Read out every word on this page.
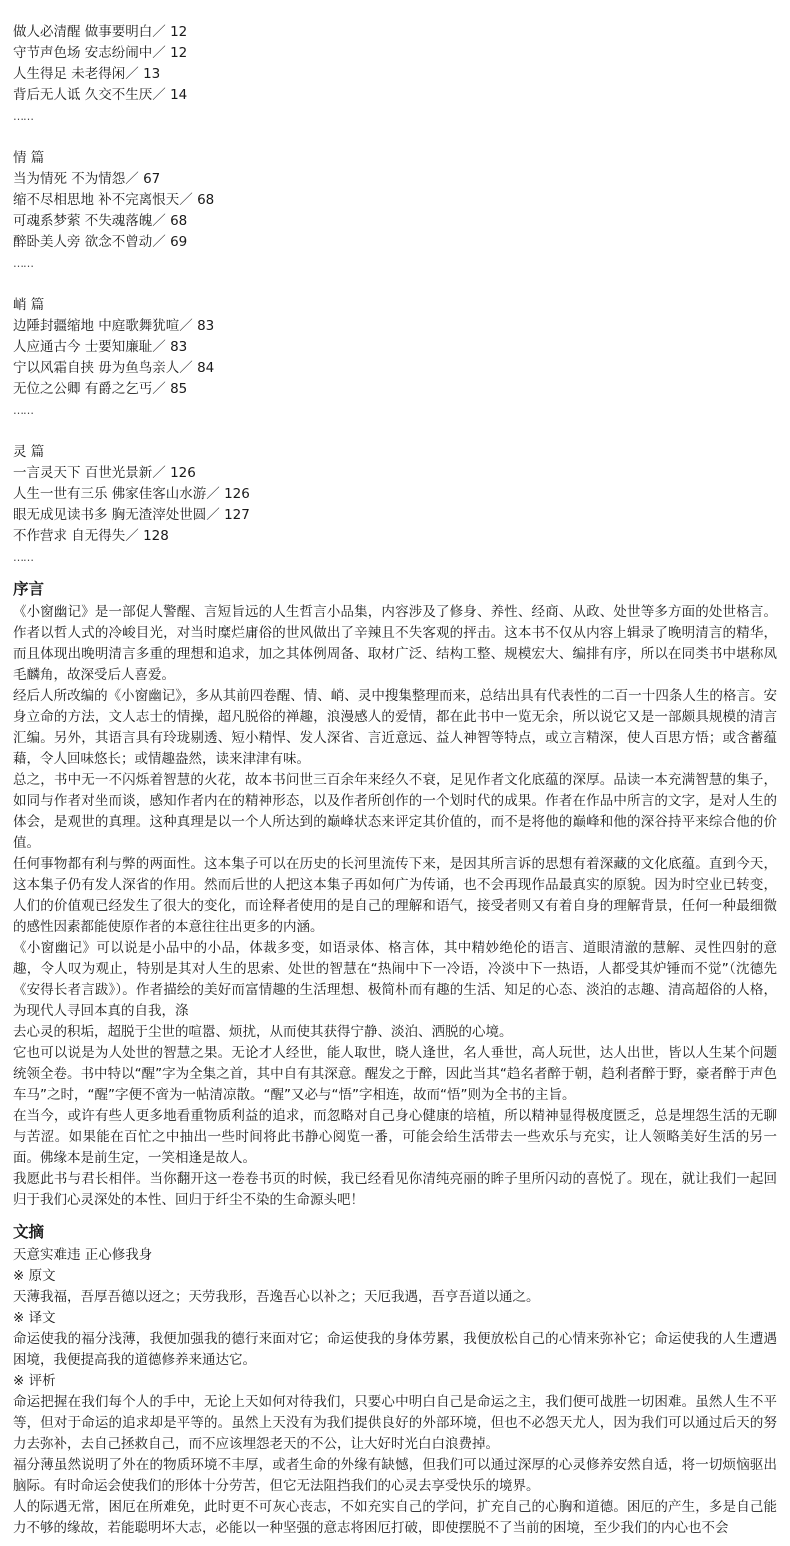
做人必清醒 做事要明白／ 12
守节声色场 安志纷闹中／ 12
人生得足 未老得闲／ 13
背后无人诋 久交不生厌／ 14
……
情 篇
当为情死 不为情怨／ 67
缩不尽相思地 补不完离恨天／ 68
可魂系梦萦 不失魂落魄／ 68
醉卧美人旁 欲念不曾动／ 69
……
峭 篇
边陲封疆缩地 中庭歌舞犹喧／ 83
人应通古今 士要知廉耻／ 83
宁以风霜自挟 毋为鱼鸟亲人／ 84
无位之公卿 有爵之乞丐／ 85
……
灵 篇
一言灵天下 百世光景新／ 126
人生一世有三乐 佛家佳客山水游／ 126
眼无成见读书多 胸无渣滓处世圆／ 127
不作营求 自无得失／ 128
……
序言

《小窗幽记》是一部促人警醒、言短旨远的人生哲言小品集，内容涉及了修身、养性、经商、从政、处世等多方面的处世格言。作者以哲人式的冷峻目光，对当时糜烂庸俗的世风做出了辛辣且不失客观的抨击。这本书不仅从内容上辑录了晚明清言的精华，而且体现出晚明清言多重的理想和追求，加之其体例周备、取材广泛、结构工整、规模宏大、编排有序，所以在同类书中堪称凤毛麟角，故深受后人喜爱。

经后人所改编的《小窗幽记》，多从其前四卷醒、情、峭、灵中搜集整理而来，总结出具有代表性的二百一十四条人生的格言。安身立命的方法，文人志士的情操，超凡脱俗的禅趣，浪漫感人的爱情，都在此书中一览无余，所以说它又是一部颇具规模的清言汇编。另外，其语言具有玲珑剔透、短小精悍、发人深省、言近意远、益人神智等特点，或立言精深，使人百思方悟；或含蓄蕴藉，令人回味悠长；或情趣盎然，读来津津有味。

总之，书中无一不闪烁着智慧的火花，故本书问世三百余年来经久不衰，足见作者文化底蕴的深厚。品读一本充满智慧的集子，如同与作者对坐而谈，感知作者内在的精神形态，以及作者所创作的一个划时代的成果。作者在作品中所言的文字，是对人生的体会，是观世的真理。这种真理是以一个人所达到的巅峰状态来评定其价值的，而不是将他的巅峰和他的深谷持平来综合他的价值。

任何事物都有利与弊的两面性。这本集子可以在历史的长河里流传下来，是因其所言诉的思想有着深藏的文化底蕴。直到今天，这本集子仍有发人深省的作用。然而后世的人把这本集子再如何广为传诵，也不会再现作品最真实的原貌。因为时空业已转变，人们的价值观已经发生了很大的变化，而诠释者使用的是自己的理解和语气，接受者则又有着自身的理解背景，任何一种最细微的感性因素都能使原作者的本意往往出更多的内涵。

《小窗幽记》可以说是小品中的小品，体裁多变，如语录体、格言体，其中精妙绝伦的语言、道眼清澈的慧解、灵性四射的意趣，令人叹为观止，特别是其对人生的思索、处世的智慧在“热闹中下一冷语，冷淡中下一热语，人都受其炉锤而不觉”（沈德先《安得长者言跋》）。作者描绘的美好而富情趣的生活理想、极简朴而有趣的生活、知足的心态、淡泊的志趣、清高超俗的人格，为现代人寻回本真的自我，涤

去心灵的积垢，超脱于尘世的喧嚣、烦扰，从而使其获得宁静、淡泊、洒脱的心境。

它也可以说是为人处世的智慧之果。无论才人经世，能人取世，晓人逢世，名人垂世，高人玩世，达人出世，皆以人生某个问题统领全卷。书中特以“醒”字为全集之首，其中自有其深意。醒发之于醉，因此当其“趋名者醉于朝，趋利者醉于野，豪者醉于声色车马”之时，“醒”字便不啻为一帖清凉散。“醒”又必与“悟”字相连，故而“悟”则为全书的主旨。

在当今，或许有些人更多地看重物质利益的追求，而忽略对自己身心健康的培植，所以精神显得极度匮乏，总是埋怨生活的无聊与苦涩。如果能在百忙之中抽出一些时间将此书静心阅览一番，可能会给生活带去一些欢乐与充实，让人领略美好生活的另一面。佛缘本是前生定，一笑相逢是故人。

我愿此书与君长相伴。当你翻开这一卷卷书页的时候，我已经看见你清纯亮丽的眸子里所闪动的喜悦了。现在，就让我们一起回归于我们心灵深处的本性、回归于纤尘不染的生命源头吧！

文摘

天意实难违 正心修我身

※ 原文

天薄我福，吾厚吾德以迓之；天劳我形，吾逸吾心以补之；天厄我遇，吾亨吾道以通之。

※ 译文

命运使我的福分浅薄，我便加强我的德行来面对它；命运使我的身体劳累，我便放松自己的心情来弥补它；命运使我的人生遭遇困境，我便提高我的道德修养来通达它。

※ 评析

命运把握在我们每个人的手中，无论上天如何对待我们，只要心中明白自己是命运之主，我们便可战胜一切困难。虽然人生不平等，但对于命运的追求却是平等的。虽然上天没有为我们提供良好的外部环境，但也不必怨天尤人，因为我们可以通过后天的努力去弥补，去自己拯救自己，而不应该埋怨老天的不公，让大好时光白白浪费掉。

福分薄虽然说明了外在的物质环境不丰厚，或者生命的外缘有缺憾，但我们可以通过深厚的心灵修养安然自适，将一切烦恼驱出脑际。有时命运会使我们的形体十分劳苦，但它无法阻挡我们的心灵去享受快乐的境界。

人的际遇无常，困厄在所难免，此时更不可灰心丧志，不如充实自己的学问，扩充自己的心胸和道德。困厄的产生，多是自己能力不够的缘故，若能聪明坏大志，必能以一种坚强的意志将困厄打破，即使摆脱不了当前的困境，至少我们的内心也不会
